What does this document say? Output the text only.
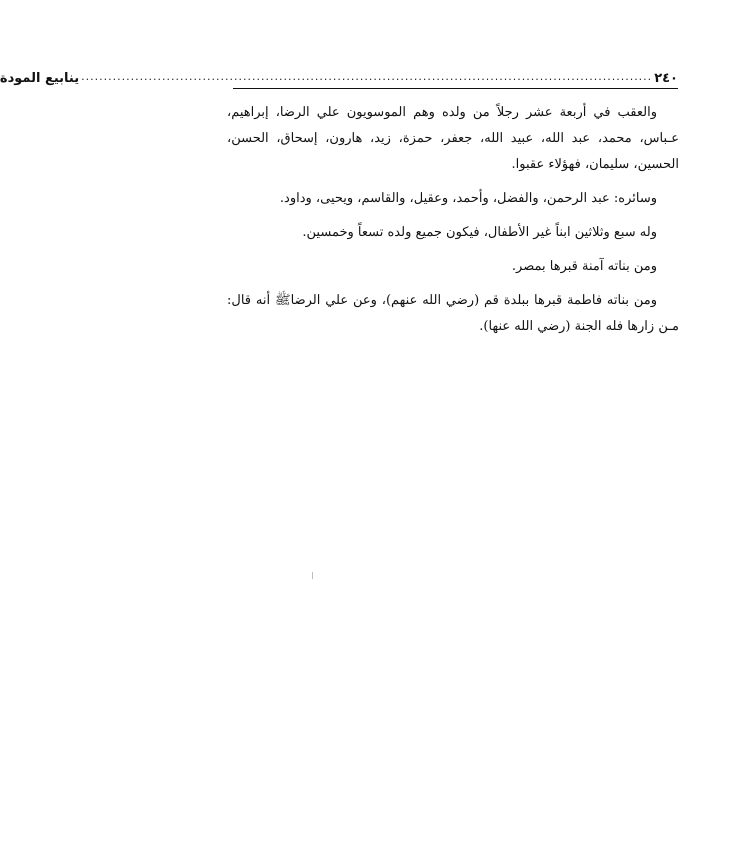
٢٤٠
...............................................................................................................................
ينابيع المودة

والعقب في أربعة عشر رجلاً من ولده وهم الموسويون علي الرضا، إبراهيم، عـباس، محمد، عبد الله، عبيد الله، جعفر، حمزة، زيد، هارون، إسحاق، الحسن، الحسين، سليمان، فهؤلاء عقبوا.

وسائره: عبد الرحمن، والفضل، وأحمد، وعقيل، والقاسم، ويحيى، وداود.

وله سبع وثلاثين ابناً غير الأطفال، فيكون جميع ولده تسعاً وخمسين.

ومن بناته آمنة قبرها بمصر.

ومن بناته فاطمة قبرها ببلدة قم (رضي الله عنهم)، وعن علي الرضاﷺ أنه قال: مـن زارها فله الجنة (رضي الله عنها).
